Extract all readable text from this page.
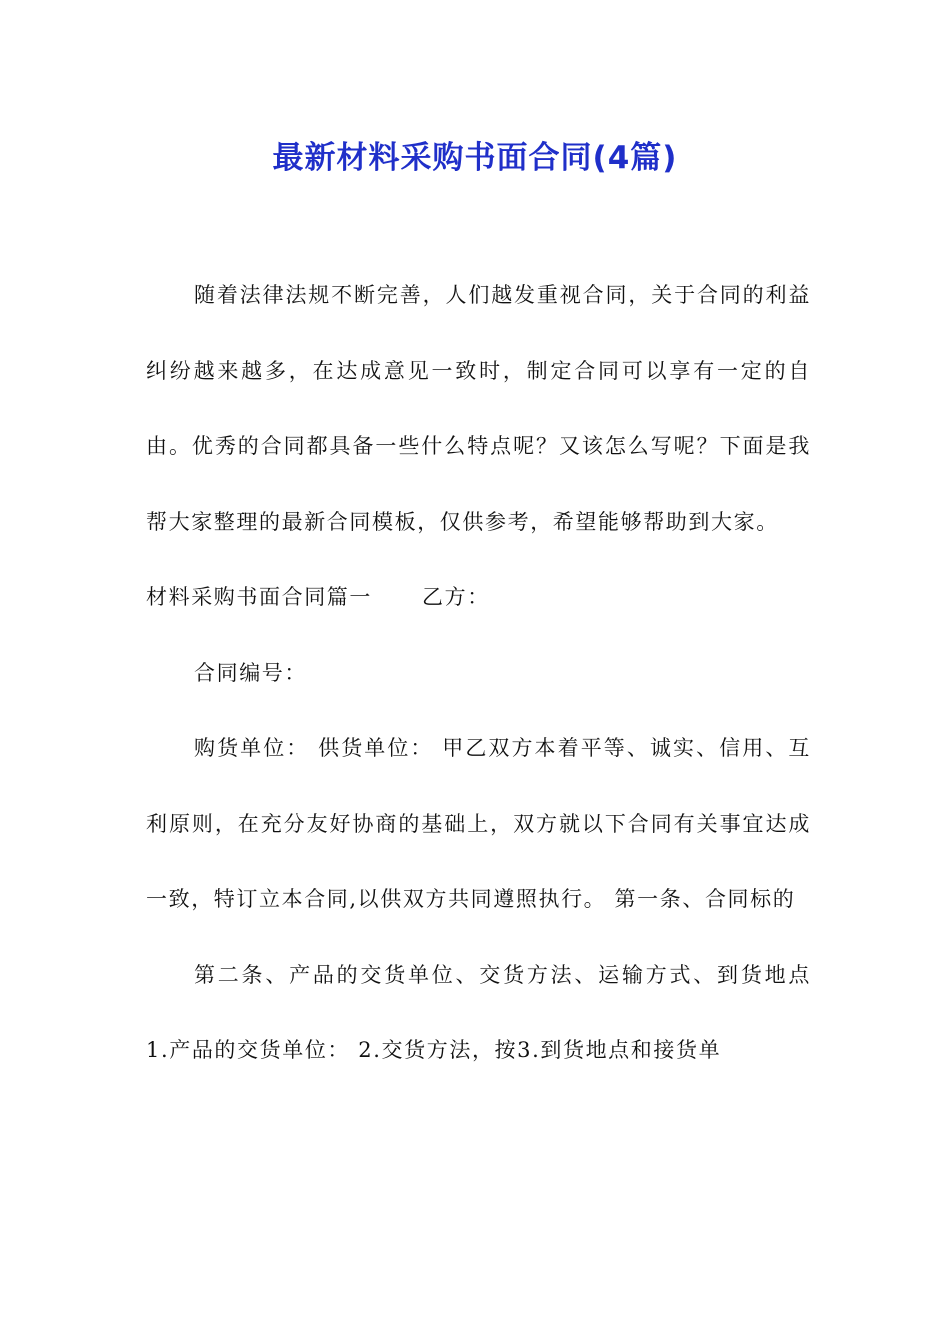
最新材料采购书面合同(4篇)

随着法律法规不断完善，人们越发重视合同，关于合同的利益纠纷越来越多，在达成意见一致时，制定合同可以享有一定的自由。优秀的合同都具备一些什么特点呢？又该怎么写呢？下面是我帮大家整理的最新合同模板，仅供参考，希望能够帮助到大家。

材料采购书面合同篇一 乙方：

合同编号：

购货单位： 供货单位： 甲乙双方本着平等、诚实、信用、互利原则，在充分友好协商的基础上，双方就以下合同有关事宜达成一致，特订立本合同,以供双方共同遵照执行。 第一条、合同标的

第二条、产品的交货单位、交货方法、运输方式、到货地点 1.产品的交货单位： 2.交货方法，按3.到货地点和接货单
